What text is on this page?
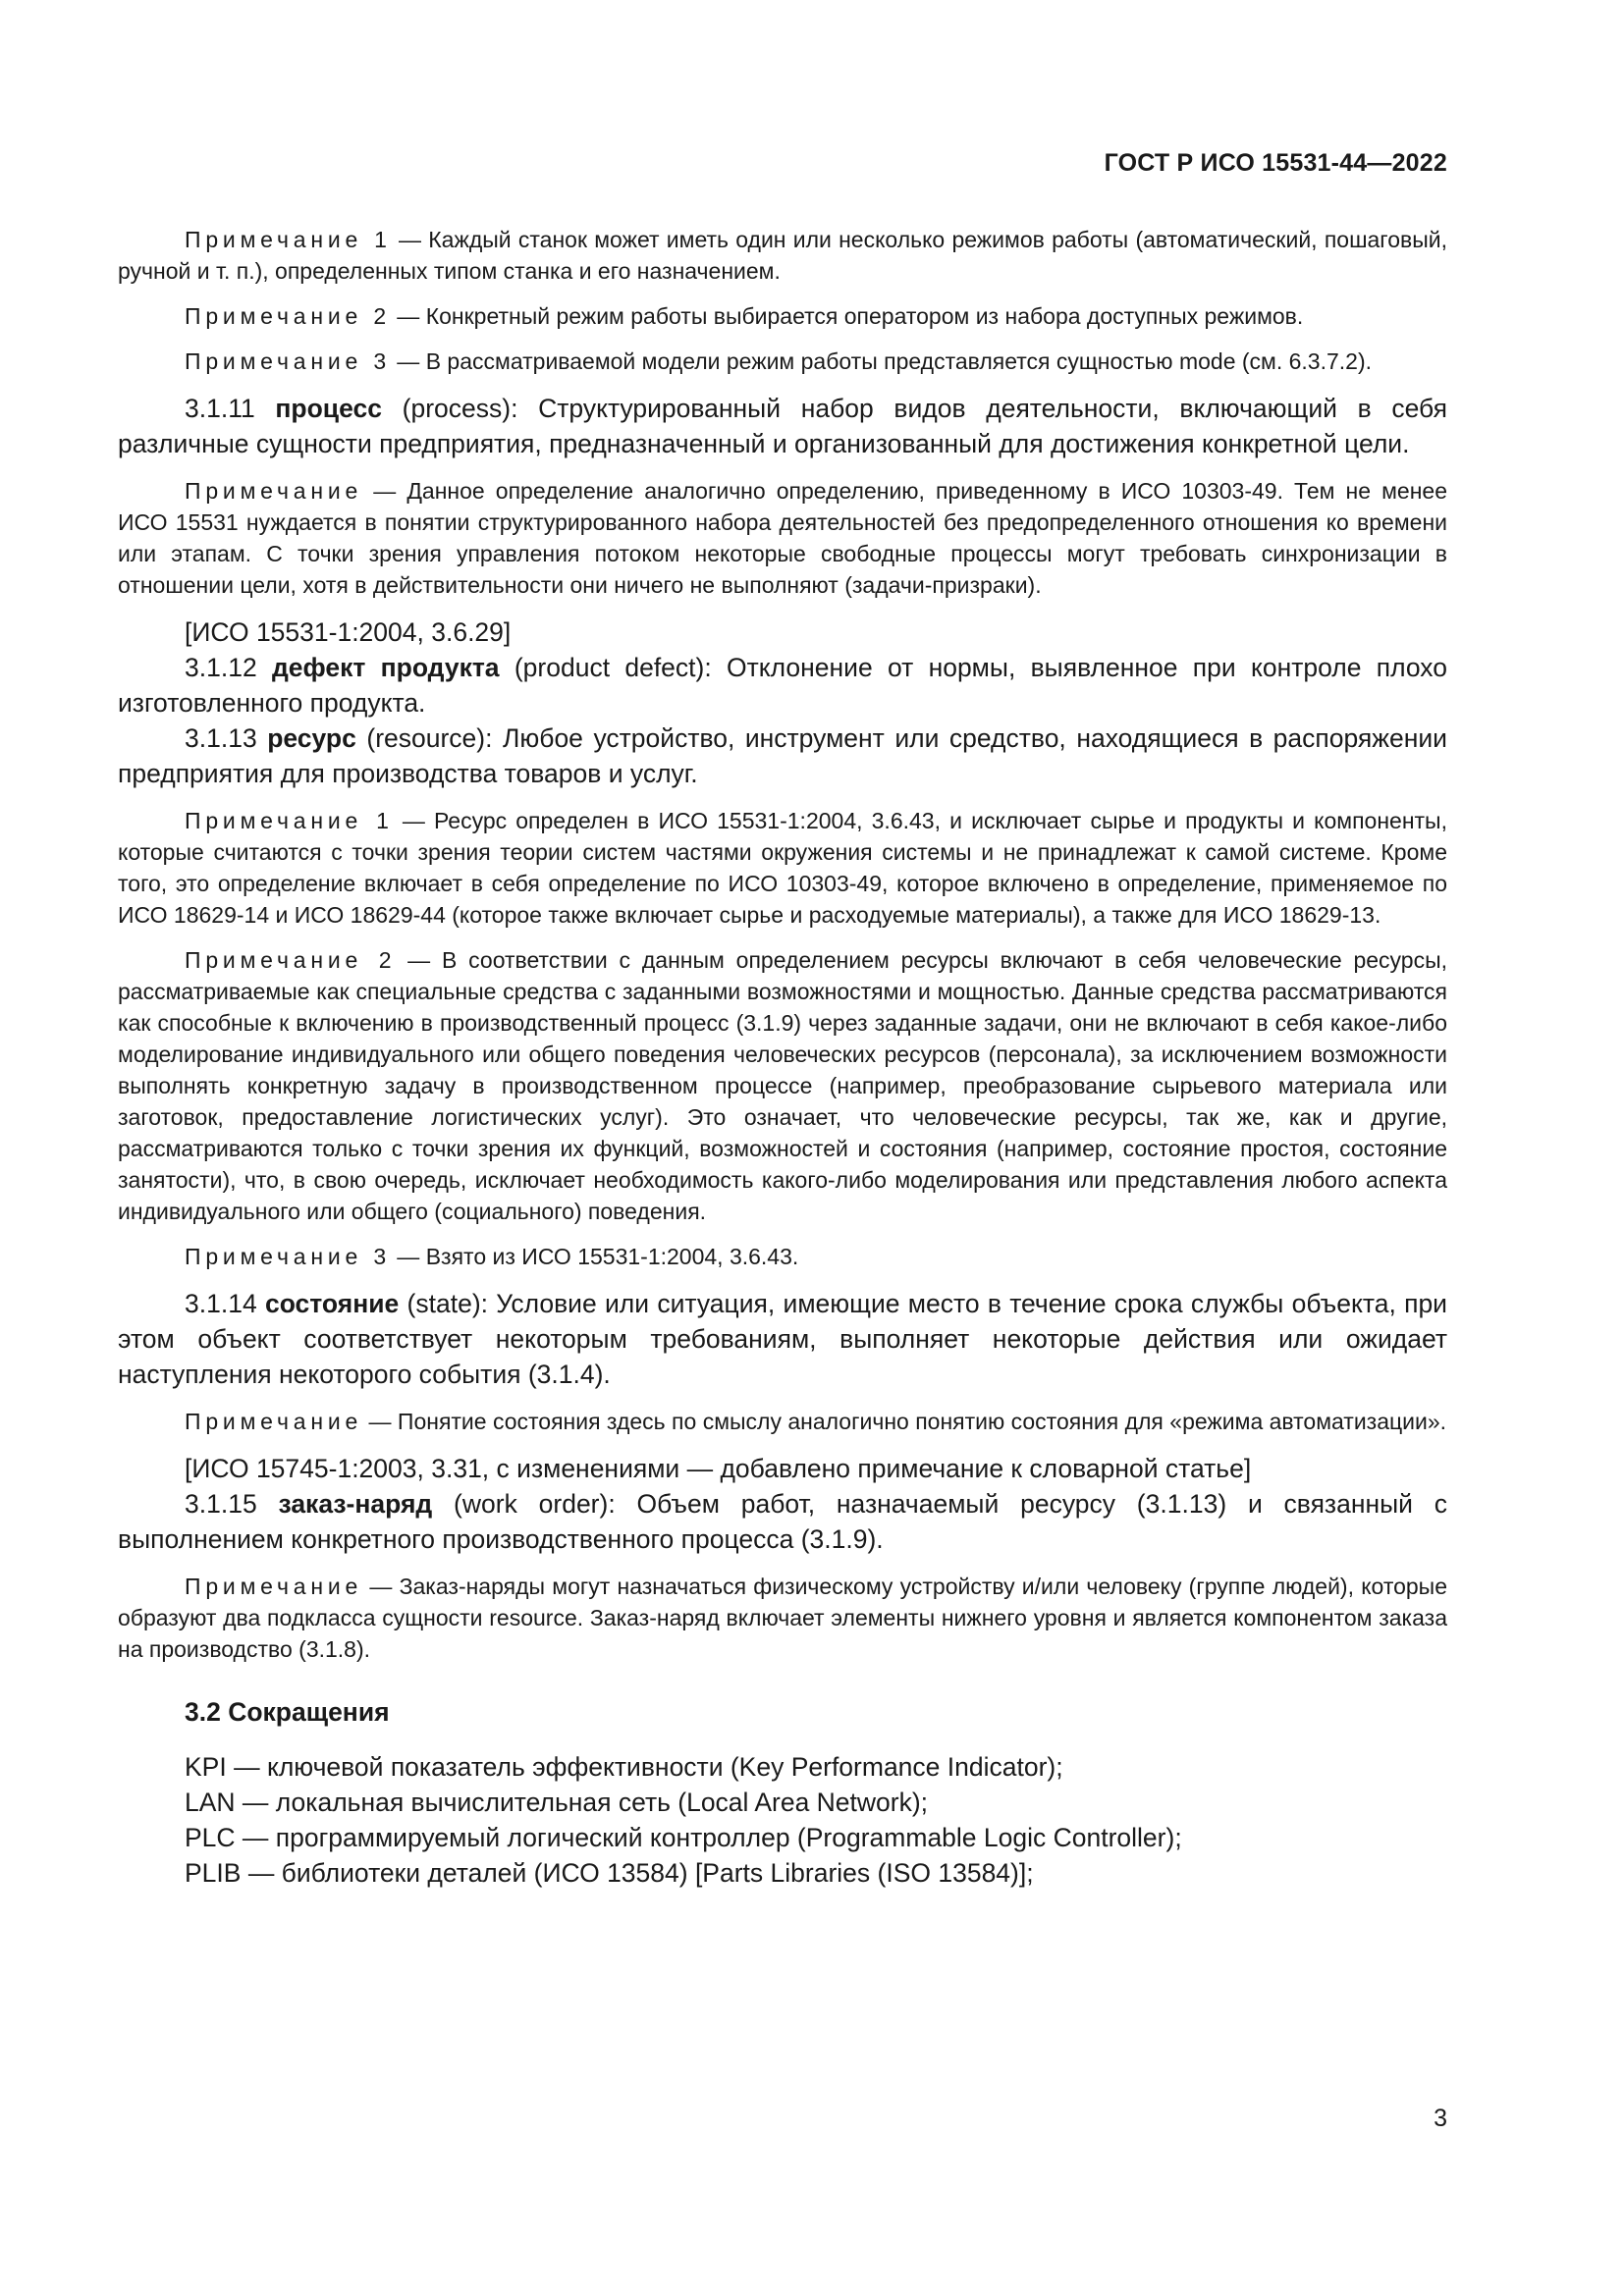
ГОСТ Р ИСО 15531-44—2022

Примечание 1 — Каждый станок может иметь один или несколько режимов работы (автоматический, пошаговый, ручной и т. п.), определенных типом станка и его назначением.

Примечание 2 — Конкретный режим работы выбирается оператором из набора доступных режимов.

Примечание 3 — В рассматриваемой модели режим работы представляется сущностью mode (см. 6.3.7.2).

3.1.11 процесс (process): Структурированный набор видов деятельности, включающий в себя различные сущности предприятия, предназначенный и организованный для достижения конкретной цели.

Примечание — Данное определение аналогично определению, приведенному в ИСО 10303-49. Тем не менее ИСО 15531 нуждается в понятии структурированного набора деятельностей без предопределенного отношения ко времени или этапам. С точки зрения управления потоком некоторые свободные процессы могут требовать синхронизации в отношении цели, хотя в действительности они ничего не выполняют (задачи-призраки).

[ИСО 15531-1:2004, 3.6.29]

3.1.12 дефект продукта (product defect): Отклонение от нормы, выявленное при контроле плохо изготовленного продукта.

3.1.13 ресурс (resource): Любое устройство, инструмент или средство, находящиеся в распоряжении предприятия для производства товаров и услуг.

Примечание 1 — Ресурс определен в ИСО 15531-1:2004, 3.6.43, и исключает сырье и продукты и компоненты, которые считаются с точки зрения теории систем частями окружения системы и не принадлежат к самой системе. Кроме того, это определение включает в себя определение по ИСО 10303-49, которое включено в определение, применяемое по ИСО 18629-14 и ИСО 18629-44 (которое также включает сырье и расходуемые материалы), а также для ИСО 18629-13.

Примечание 2 — В соответствии с данным определением ресурсы включают в себя человеческие ресурсы, рассматриваемые как специальные средства с заданными возможностями и мощностью. Данные средства рассматриваются как способные к включению в производственный процесс (3.1.9) через заданные задачи, они не включают в себя какое-либо моделирование индивидуального или общего поведения человеческих ресурсов (персонала), за исключением возможности выполнять конкретную задачу в производственном процессе (например, преобразование сырьевого материала или заготовок, предоставление логистических услуг). Это означает, что человеческие ресурсы, так же, как и другие, рассматриваются только с точки зрения их функций, возможностей и состояния (например, состояние простоя, состояние занятости), что, в свою очередь, исключает необходимость какого-либо моделирования или представления любого аспекта индивидуального или общего (социального) поведения.

Примечание 3 — Взято из ИСО 15531-1:2004, 3.6.43.

3.1.14 состояние (state): Условие или ситуация, имеющие место в течение срока службы объекта, при этом объект соответствует некоторым требованиям, выполняет некоторые действия или ожидает наступления некоторого события (3.1.4).

Примечание — Понятие состояния здесь по смыслу аналогично понятию состояния для «режима автоматизации».

[ИСО 15745-1:2003, 3.31, с изменениями — добавлено примечание к словарной статье]

3.1.15 заказ-наряд (work order): Объем работ, назначаемый ресурсу (3.1.13) и связанный с выполнением конкретного производственного процесса (3.1.9).

Примечание — Заказ-наряды могут назначаться физическому устройству и/или человеку (группе людей), которые образуют два подкласса сущности resource. Заказ-наряд включает элементы нижнего уровня и является компонентом заказа на производство (3.1.8).

3.2 Сокращения

KPI — ключевой показатель эффективности (Key Performance Indicator);

LAN — локальная вычислительная сеть (Local Area Network);

PLC — программируемый логический контроллер (Programmable Logic Controller);

PLIB — библиотеки деталей (ИСО 13584) [Parts Libraries (ISO 13584)];

3
